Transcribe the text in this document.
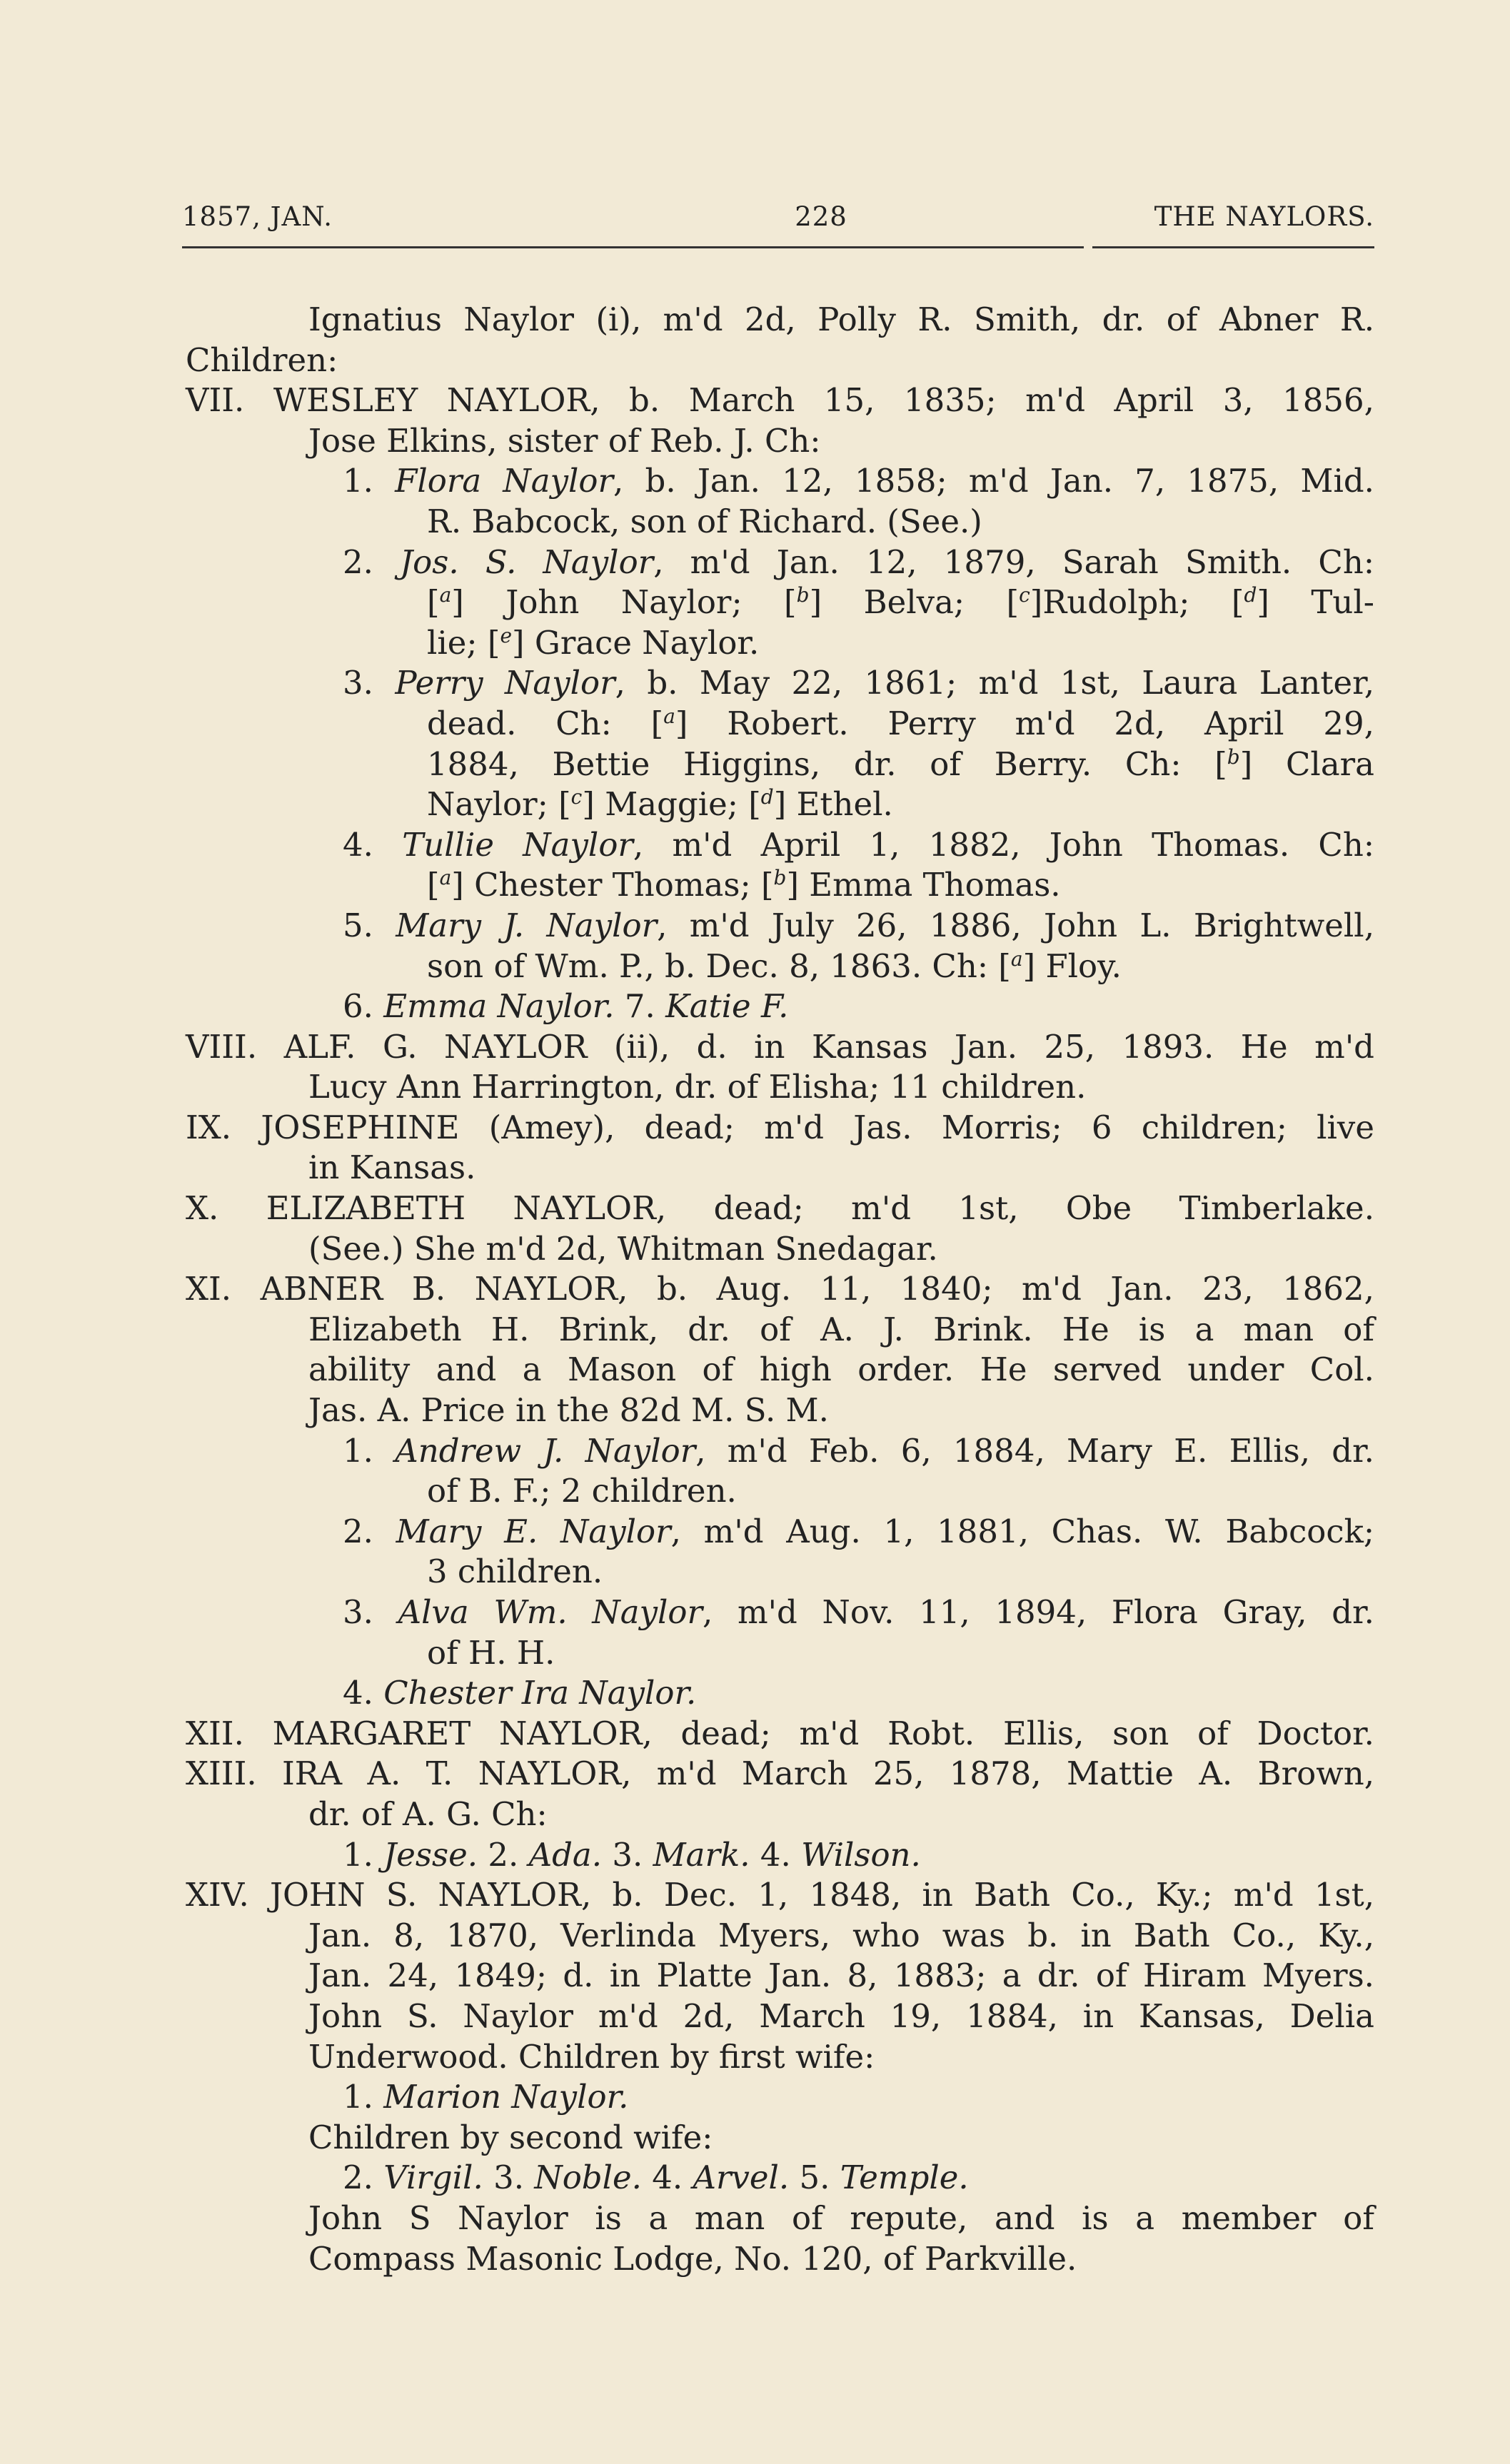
1857, JAN.	228	THE NAYLORS.
Ignatius Naylor (i), m'd 2d, Polly R. Smith, dr. of Abner R.
Children:
VII. WESLEY NAYLOR, b. March 15, 1835; m'd April 3, 1856,
Jose Elkins, sister of Reb. J. Ch:
1. Flora Naylor, b. Jan. 12, 1858; m'd Jan. 7, 1875, Mid.
R. Babcock, son of Richard. (See.)
2. Jos. S. Naylor, m'd Jan. 12, 1879, Sarah Smith. Ch:
[$^a$] John Naylor; [$^b$] Belva; [$^c$]Rudolph; [$^d$] Tul-
lie; [$^e$] Grace Naylor.
3. Perry Naylor, b. May 22, 1861; m'd 1st, Laura Lanter,
dead. Ch: [$^a$] Robert. Perry m'd 2d, April 29,
1884, Bettie Higgins, dr. of Berry. Ch: [$^b$] Clara
Naylor; [$^c$] Maggie; [$^d$] Ethel.
4. Tullie Naylor, m'd April 1, 1882, John Thomas. Ch:
[$^a$] Chester Thomas; [$^b$] Emma Thomas.
5. Mary J. Naylor, m'd July 26, 1886, John L. Brightwell,
son of Wm. P., b. Dec. 8, 1863. Ch: [$^a$] Floy.
6. Emma Naylor. 7. Katie F.
VIII. ALF. G. NAYLOR (ii), d. in Kansas Jan. 25, 1893. He m'd
Lucy Ann Harrington, dr. of Elisha; 11 children.
IX. JOSEPHINE (Amey), dead; m'd Jas. Morris; 6 children; live
in Kansas.
X. ELIZABETH NAYLOR, dead; m'd 1st, Obe Timberlake.
(See.) She m'd 2d, Whitman Snedagar.
XI. ABNER B. NAYLOR, b. Aug. 11, 1840; m'd Jan. 23, 1862,
Elizabeth H. Brink, dr. of A. J. Brink. He is a man of
ability and a Mason of high order. He served under Col.
Jas. A. Price in the 82d M. S. M.
1. Andrew J. Naylor, m'd Feb. 6, 1884, Mary E. Ellis, dr.
of B. F.; 2 children.
2. Mary E. Naylor, m'd Aug. 1, 1881, Chas. W. Babcock;
3 children.
3. Alva Wm. Naylor, m'd Nov. 11, 1894, Flora Gray, dr.
of H. H.
4. Chester Ira Naylor.
XII. MARGARET NAYLOR, dead; m'd Robt. Ellis, son of Doctor.
XIII. IRA A. T. NAYLOR, m'd March 25, 1878, Mattie A. Brown,
dr. of A. G. Ch:
1. Jesse. 2. Ada. 3. Mark. 4. Wilson.
XIV. JOHN S. NAYLOR, b. Dec. 1, 1848, in Bath Co., Ky.; m'd 1st,
Jan. 8, 1870, Verlinda Myers, who was b. in Bath Co., Ky.,
Jan. 24, 1849; d. in Platte Jan. 8, 1883; a dr. of Hiram Myers.
John S. Naylor m'd 2d, March 19, 1884, in Kansas, Delia
Underwood. Children by first wife:
1. Marion Naylor.
Children by second wife:
2. Virgil. 3. Noble. 4. Arvel. 5. Temple.
John S Naylor is a man of repute, and is a member of
Compass Masonic Lodge, No. 120, of Parkville.
